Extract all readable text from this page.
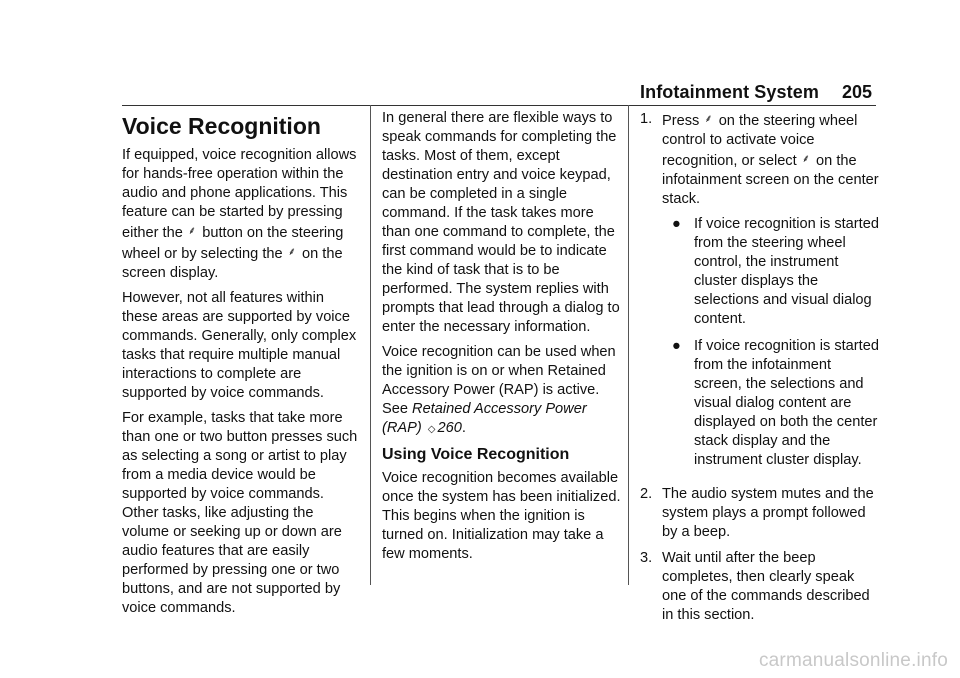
Infotainment System 205
Voice Recognition

If equipped, voice recognition allows for hands-free operation within the audio and phone applications. This feature can be started by pressing either the ⸙ button on the steering wheel or by selecting the ⸙ on the screen display.

However, not all features within these areas are supported by voice commands. Generally, only complex tasks that require multiple manual interactions to complete are supported by voice commands.

For example, tasks that take more than one or two button presses such as selecting a song or artist to play from a media device would be supported by voice commands. Other tasks, like adjusting the volume or seeking up or down are audio features that are easily performed by pressing one or two buttons, and are not supported by voice commands.

In general there are flexible ways to speak commands for completing the tasks. Most of them, except destination entry and voice keypad, can be completed in a single command. If the task takes more than one command to complete, the first command would be to indicate the kind of task that is to be performed. The system replies with prompts that lead through a dialog to enter the necessary information.

Voice recognition can be used when the ignition is on or when Retained Accessory Power (RAP) is active. See Retained Accessory Power (RAP) ◇ 260.

Using Voice Recognition

Voice recognition becomes available once the system has been initialized. This begins when the ignition is turned on. Initialization may take a few moments.

1. Press ⸙ on the steering wheel control to activate voice recognition, or select ⸙ on the infotainment screen on the center stack.
● If voice recognition is started from the steering wheel control, the instrument cluster displays the selections and visual dialog content.
● If voice recognition is started from the infotainment screen, the selections and visual dialog content are displayed on both the center stack display and the instrument cluster display.
2. The audio system mutes and the system plays a prompt followed by a beep.
3. Wait until after the beep completes, then clearly speak one of the commands described in this section.
carmanualsonline.info
